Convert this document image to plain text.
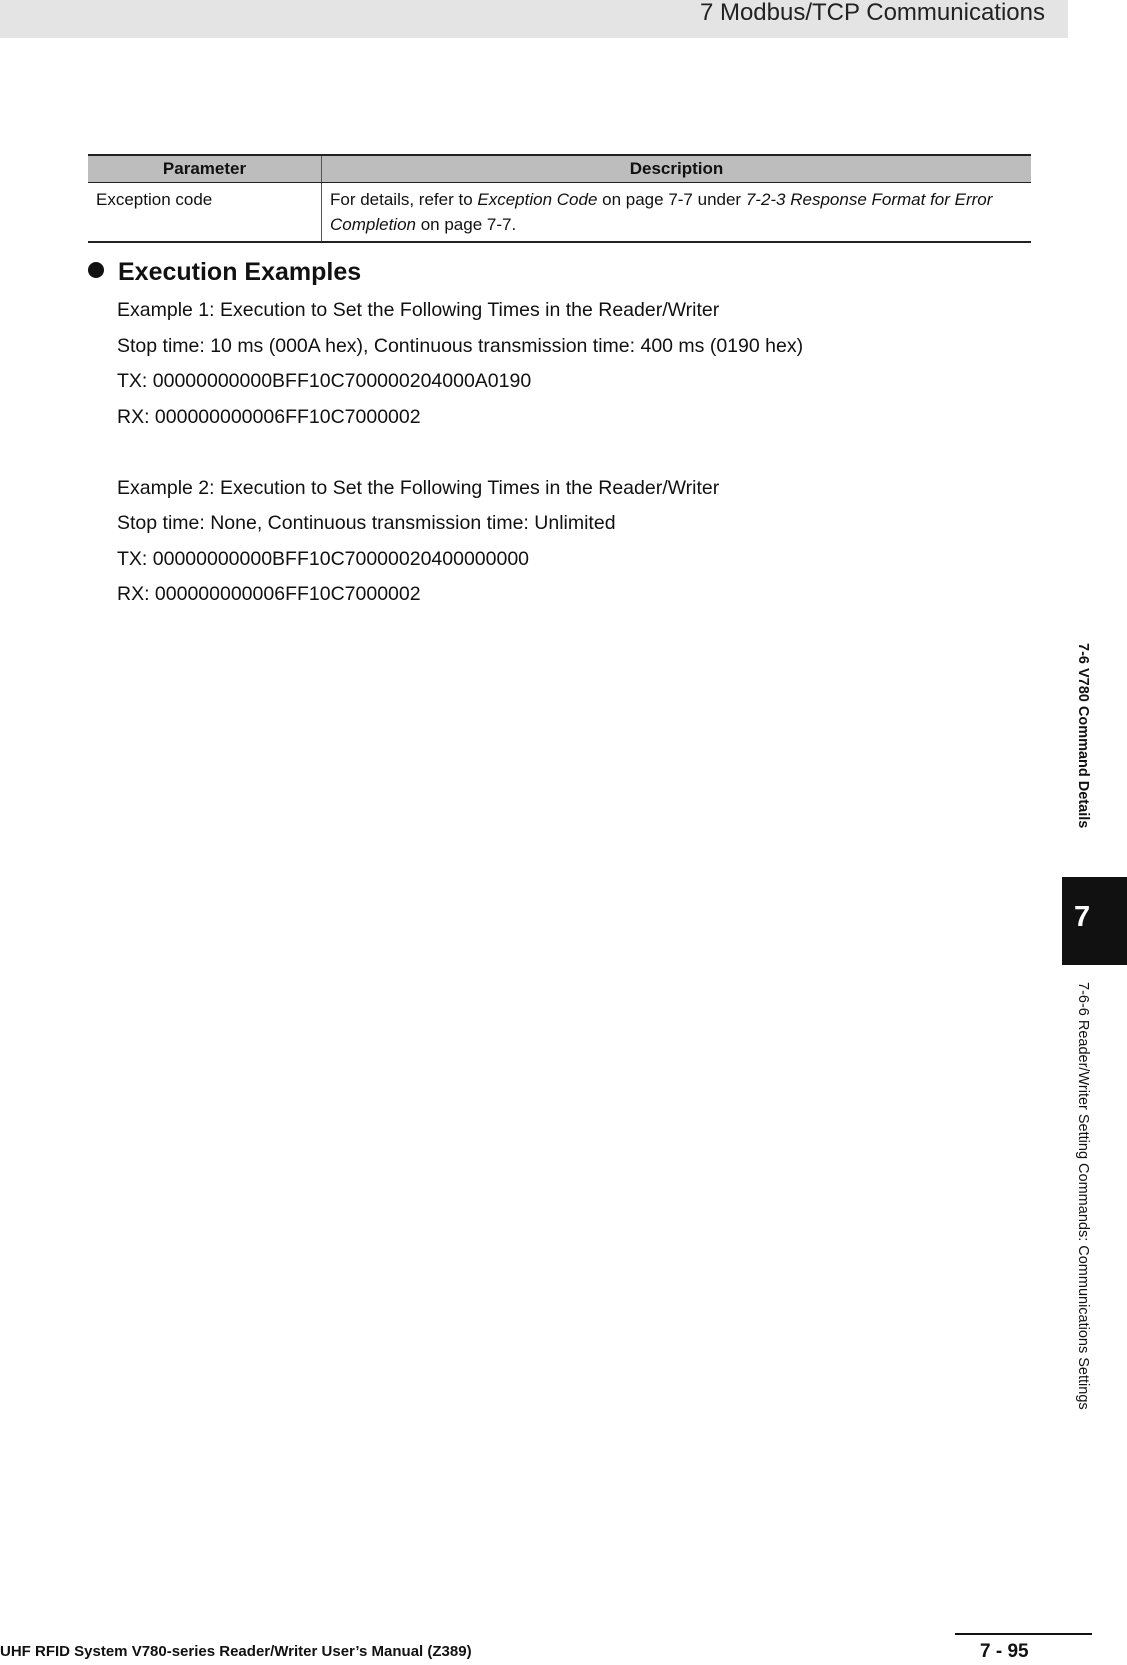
7 Modbus/TCP Communications
Parameter	Description
Exception code	For details, refer to Exception Code on page 7-7 under 7-2-3 Response Format for Error Completion on page 7-7.
Execution Examples
Example 1: Execution to Set the Following Times in the Reader/Writer
Stop time: 10 ms (000A hex), Continuous transmission time: 400 ms (0190 hex)
TX: 00000000000BFF10C700000204000A0190
RX: 000000000006FF10C7000002
Example 2: Execution to Set the Following Times in the Reader/Writer
Stop time: None, Continuous transmission time: Unlimited
TX: 00000000000BFF10C70000020400000000
RX: 000000000006FF10C7000002
7-6 V780 Command Details
7
7-6-6 Reader/Writer Setting Commands: Communications Settings
UHF RFID System V780-series Reader/Writer User’s Manual (Z389)	7 - 95
